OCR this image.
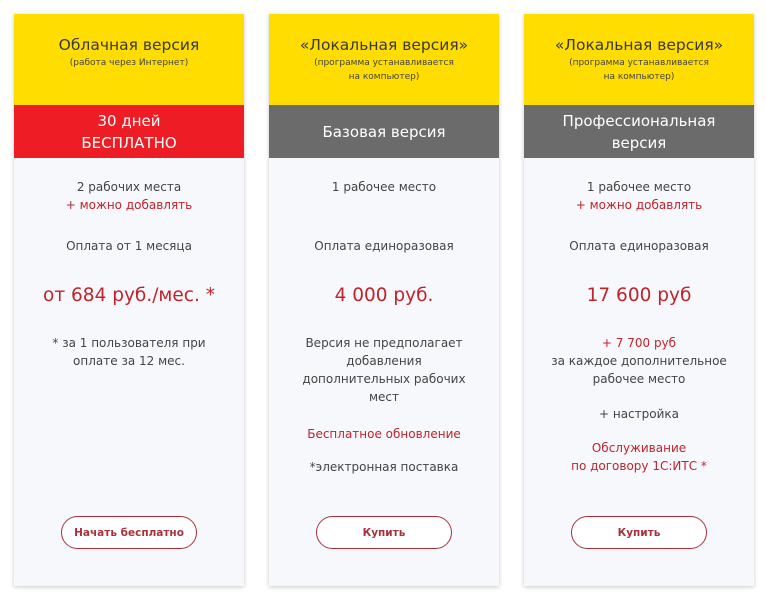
Облачная версия
(работа через Интернет)
30 дней
БЕСПЛАТНО
2 рабочих места
+ можно добавлять
Оплата от 1 месяца
от 684 руб./мес. *
* за 1 пользователя при
оплате за 12 мес.
Начать бесплатно
«Локальная версия»
(программа устанавливается
на компьютер)
Базовая версия
1 рабочее место
Оплата единоразовая
4 000 руб.
Версия не предполагает
добавления
дополнительных рабочих
мест
Бесплатное обновление
*электронная поставка
Купить
«Локальная версия»
(программа устанавливается
на компьютер)
Профессиональная
версия
1 рабочее место
+ можно добавлять
Оплата единоразовая
17 600 руб
+ 7 700 руб
за каждое дополнительное
рабочее место
+ настройка
Обслуживание
по договору 1С:ИТС *
Купить
